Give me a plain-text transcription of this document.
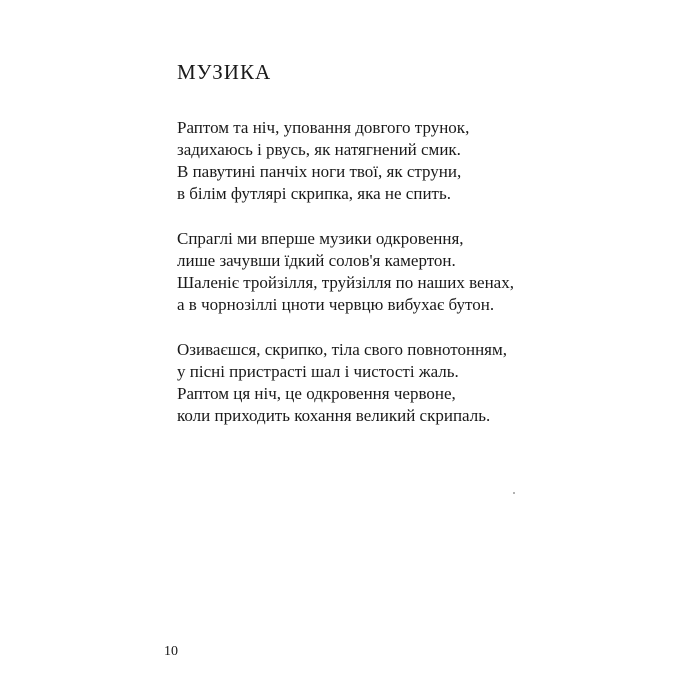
МУЗИКА

Раптом та ніч, уповання довгого трунок,
задихаюсь і рвусь, як натягнений смик.
В павутині панчіх ноги твої, як струни,
в білім футлярі скрипка, яка не спить.

Спраглі ми вперше музики одкровення,
лише зачувши їдкий солов'я камертон.
Шаленіє тройзілля, труйзілля по наших венах,
а в чорнозіллі цноти червцю вибухає бутон.

Озиваєшся, скрипко, тіла свого повнотонням,
у пісні пристрасті шал і чистості жаль.
Раптом ця ніч, це одкровення червоне,
коли приходить кохання великий скрипаль.

10
